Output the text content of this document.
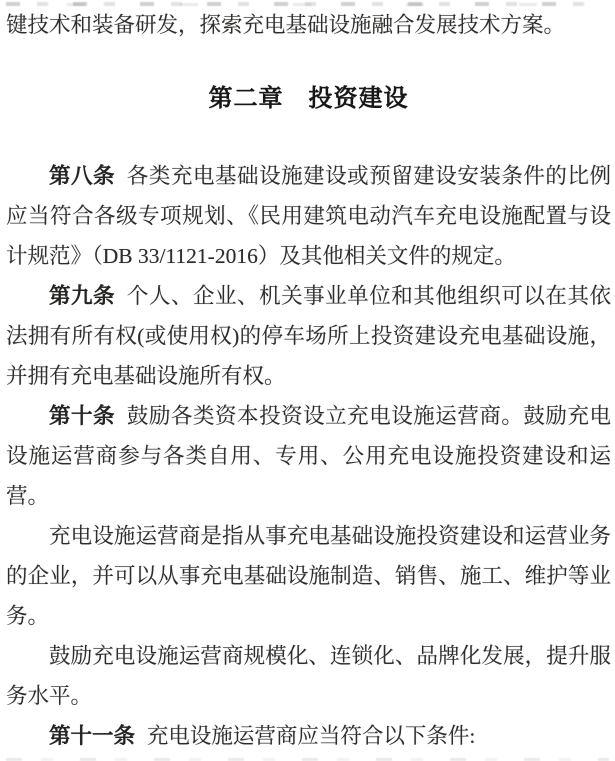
键技术和装备研发，探索充电基础设施融合发展技术方案。

第二章　投资建设

第八条 各类充电基础设施建设或预留建设安装条件的比例应当符合各级专项规划、《民用建筑电动汽车充电设施配置与设计规范》（DB 33/1121-2016）及其他相关文件的规定。

第九条 个人、企业、机关事业单位和其他组织可以在其依法拥有所有权(或使用权)的停车场所上投资建设充电基础设施，并拥有充电基础设施所有权。

第十条 鼓励各类资本投资设立充电设施运营商。鼓励充电设施运营商参与各类自用、专用、公用充电设施投资建设和运营。

充电设施运营商是指从事充电基础设施投资建设和运营业务的企业，并可以从事充电基础设施制造、销售、施工、维护等业务。

鼓励充电设施运营商规模化、连锁化、品牌化发展，提升服务水平。

第十一条 充电设施运营商应当符合以下条件:
